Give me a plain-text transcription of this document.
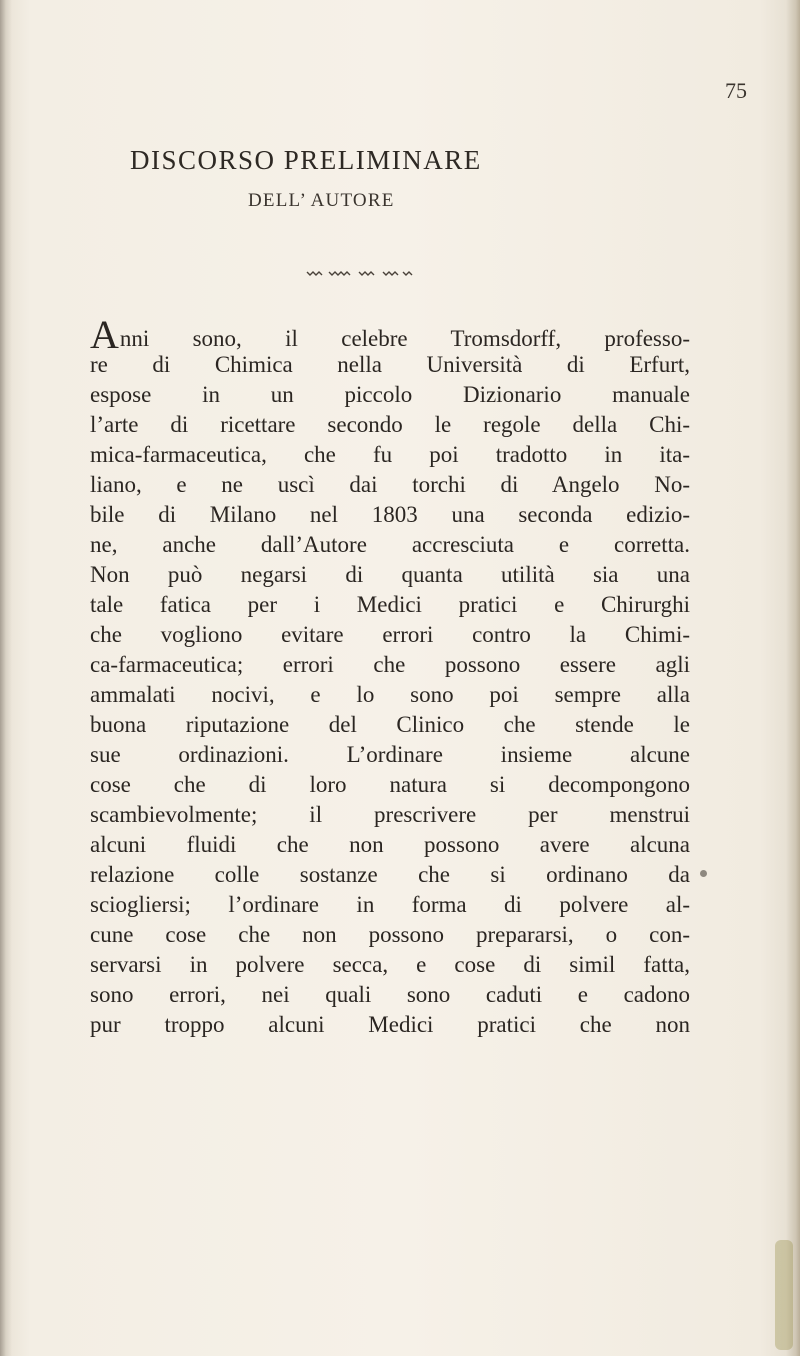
75
DISCORSO PRELIMINARE
DELL’ AUTORE
Anni sono, il celebre Tromsdorff, professo-
re di Chimica nella Università di Erfurt,
espose in un piccolo Dizionario manuale
l’arte di ricettare secondo le regole della Chi-
mica-farmaceutica, che fu poi tradotto in ita-
liano, e ne uscì dai torchi di Angelo No-
bile di Milano nel 1803 una seconda edizio-
ne, anche dall’Autore accresciuta e corretta.
Non può negarsi di quanta utilità sia una
tale fatica per i Medici pratici e Chirurghi
che vogliono evitare errori contro la Chimi-
ca-farmaceutica; errori che possono essere agli
ammalati nocivi, e lo sono poi sempre alla
buona riputazione del Clinico che stende le
sue ordinazioni. L’ordinare insieme alcune
cose che di loro natura si decompongono
scambievolmente; il prescrivere per menstrui
alcuni fluidi che non possono avere alcuna
relazione colle sostanze che si ordinano da
sciogliersi; l’ordinare in forma di polvere al-
cune cose che non possono prepararsi, o con-
servarsi in polvere secca, e cose di simil fatta,
sono errori, nei quali sono caduti e cadono
pur troppo alcuni Medici pratici che non
